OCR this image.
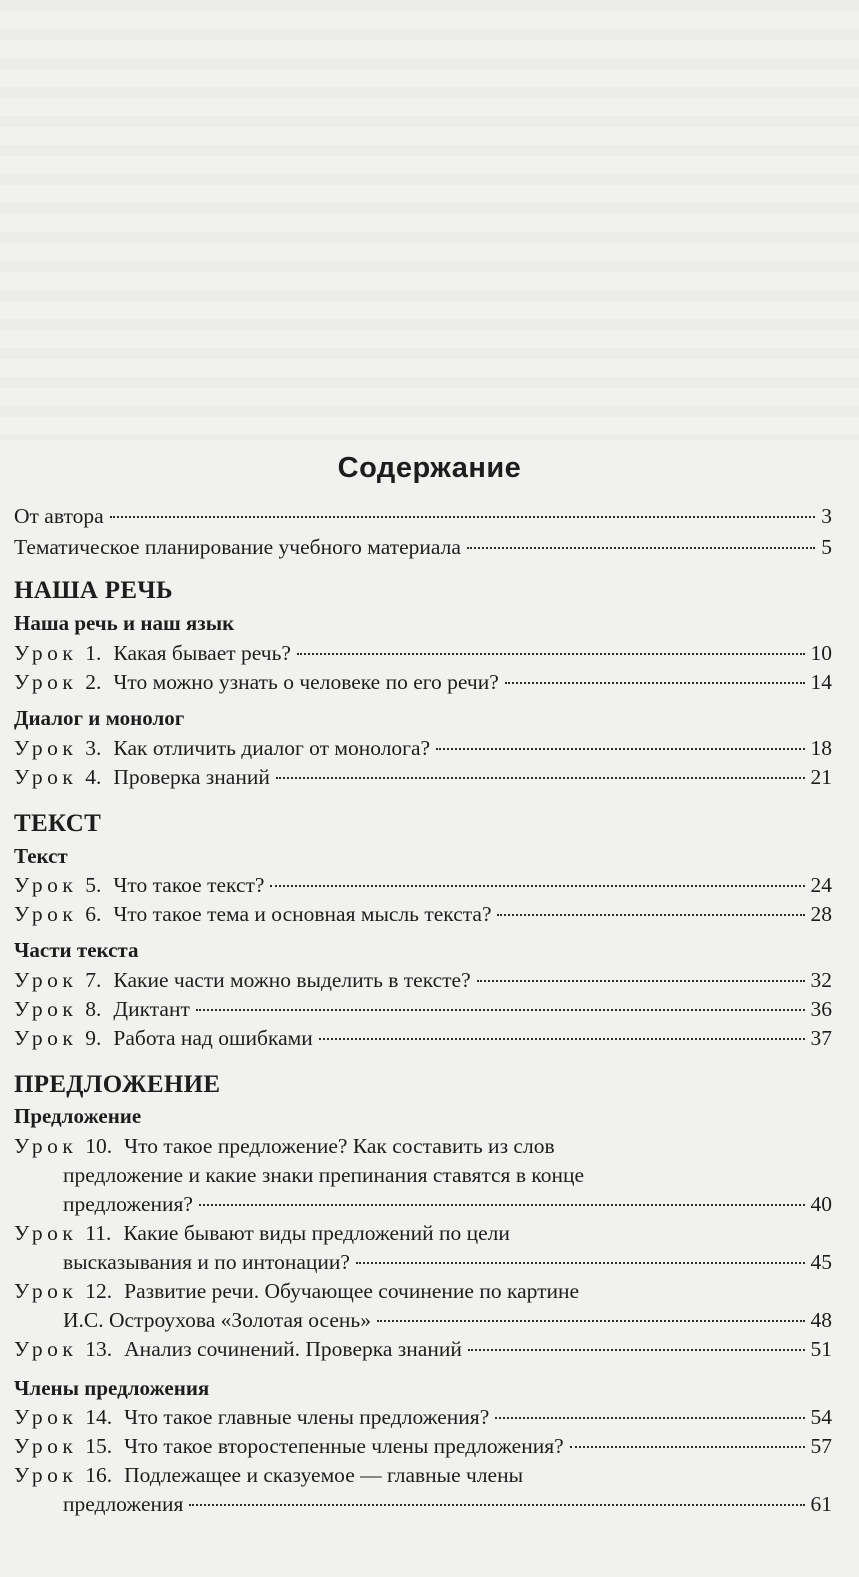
Содержание
От автора	3
Тематическое планирование учебного материала	5
НАША РЕЧЬ
Наша речь и наш язык
Урок 1. Какая бывает речь?	10
Урок 2. Что можно узнать о человеке по его речи?	14
Диалог и монолог
Урок 3. Как отличить диалог от монолога?	18
Урок 4. Проверка знаний	21
ТЕКСТ
Текст
Урок 5. Что такое текст?	24
Урок 6. Что такое тема и основная мысль текста?	28
Части текста
Урок 7. Какие части можно выделить в тексте?	32
Урок 8. Диктант	36
Урок 9. Работа над ошибками	37
ПРЕДЛОЖЕНИЕ
Предложение
Урок 10. Что такое предложение? Как составить из слов
предложение и какие знаки препинания ставятся в конце
предложения?	40
Урок 11. Какие бывают виды предложений по цели
высказывания и по интонации?	45
Урок 12. Развитие речи. Обучающее сочинение по картине
И.С. Остроухова «Золотая осень»	48
Урок 13. Анализ сочинений. Проверка знаний	51
Члены предложения
Урок 14. Что такое главные члены предложения?	54
Урок 15. Что такое второстепенные члены предложения?	57
Урок 16. Подлежащее и сказуемое — главные члены
предложения	61
